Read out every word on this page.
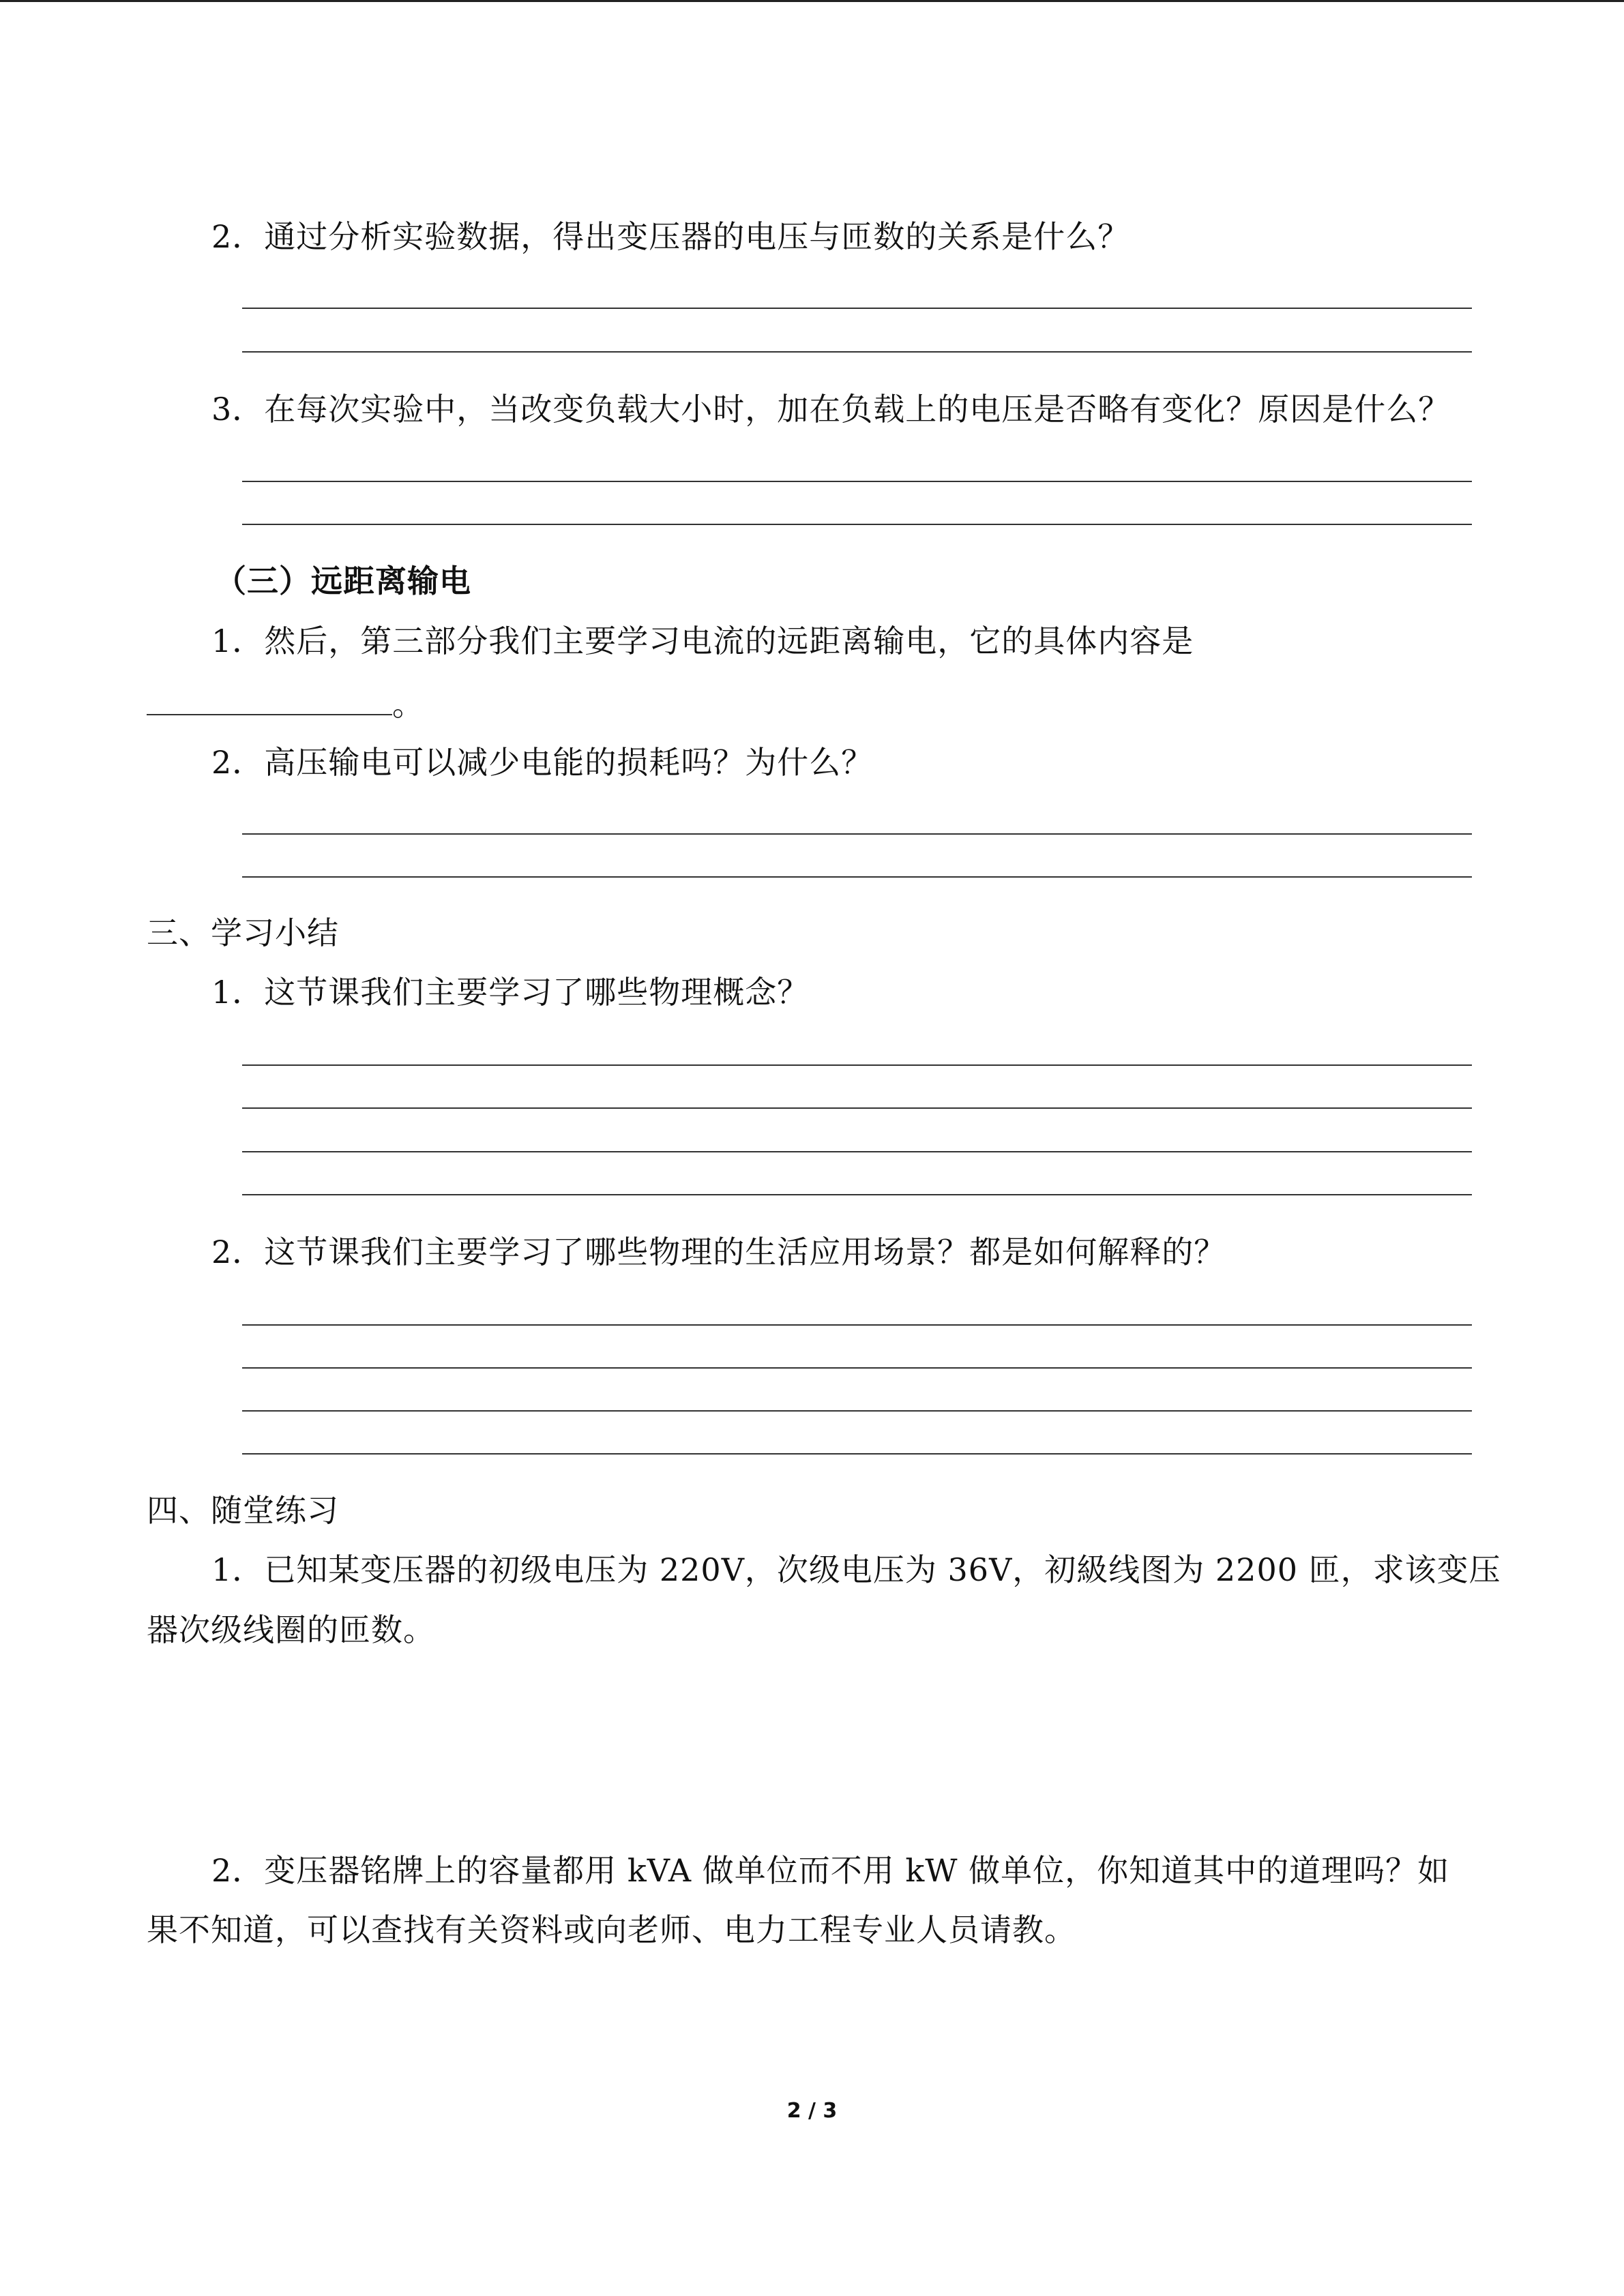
2．通过分析实验数据，得出变压器的电压与匝数的关系是什么？
3．在每次实验中，当改变负载大小时，加在负载上的电压是否略有变化？原因是什么？
（三）远距离输电
1．然后，第三部分我们主要学习电流的远距离输电，它的具体内容是
。
2．高压输电可以减少电能的损耗吗？为什么？
三、学习小结
1．这节课我们主要学习了哪些物理概念？
2．这节课我们主要学习了哪些物理的生活应用场景？都是如何解释的？
四、随堂练习
1．已知某变压器的初级电压为 220V，次级电压为 36V，初級线图为 2200 匝，求该变压
器次级线圈的匝数。
2．变压器铭牌上的容量都用 kVA 做单位而不用 kW 做单位，你知道其中的道理吗？如
果不知道，可以查找有关资料或向老师、电力工程专业人员请教。
2 / 3
